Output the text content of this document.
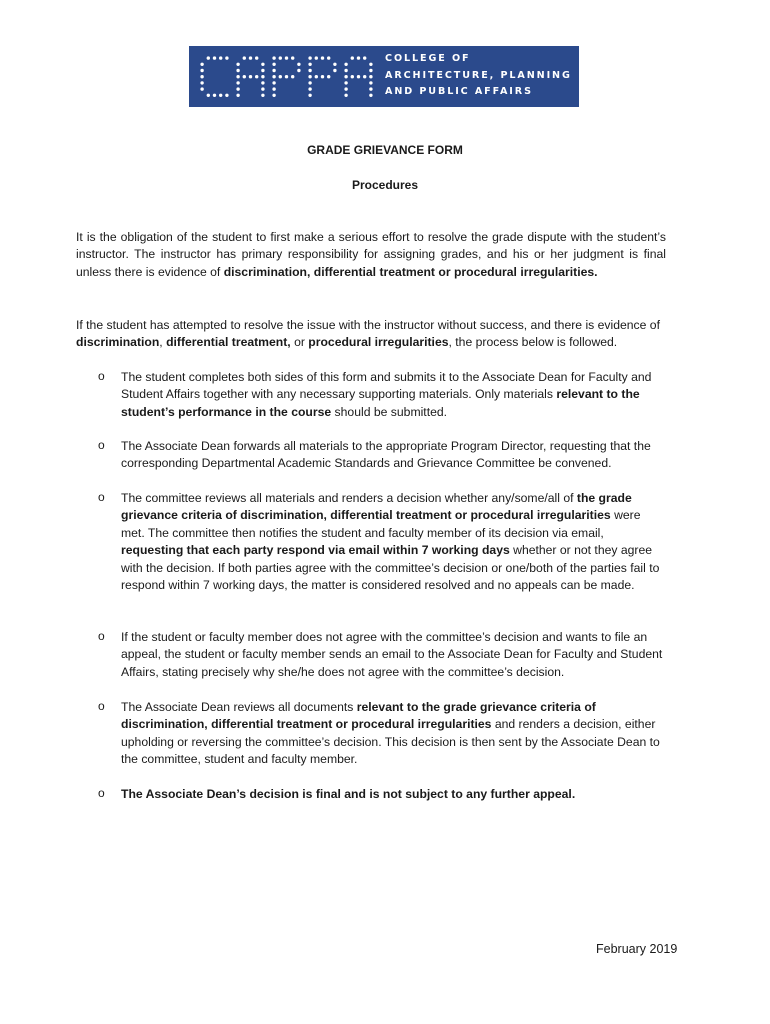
COLLEGE OF
ARCHITECTURE, PLANNING
AND PUBLIC AFFAIRS
GRADE GRIEVANCE FORM
Procedures

It is the obligation of the student to first make a serious effort to resolve the grade dispute with the student’s instructor. The instructor has primary responsibility for assigning grades, and his or her judgment is final unless there is evidence of discrimination, differential treatment or procedural irregularities.

If the student has attempted to resolve the issue with the instructor without success, and there is evidence of discrimination, differential treatment, or procedural irregularities, the process below is followed.

o The student completes both sides of this form and submits it to the Associate Dean for Faculty and Student Affairs together with any necessary supporting materials. Only materials relevant to the student’s performance in the course should be submitted.

o The Associate Dean forwards all materials to the appropriate Program Director, requesting that the corresponding Departmental Academic Standards and Grievance Committee be convened.

o The committee reviews all materials and renders a decision whether any/some/all of the grade grievance criteria of discrimination, differential treatment or procedural irregularities were met. The committee then notifies the student and faculty member of its decision via email, requesting that each party respond via email within 7 working days whether or not they agree with the decision. If both parties agree with the committee’s decision or one/both of the parties fail to respond within 7 working days, the matter is considered resolved and no appeals can be made.

o If the student or faculty member does not agree with the committee’s decision and wants to file an appeal, the student or faculty member sends an email to the Associate Dean for Faculty and Student Affairs, stating precisely why she/he does not agree with the committee’s decision.

o The Associate Dean reviews all documents relevant to the grade grievance criteria of discrimination, differential treatment or procedural irregularities and renders a decision, either upholding or reversing the committee’s decision. This decision is then sent by the Associate Dean to the committee, student and faculty member.

o The Associate Dean’s decision is final and is not subject to any further appeal.

February 2019
